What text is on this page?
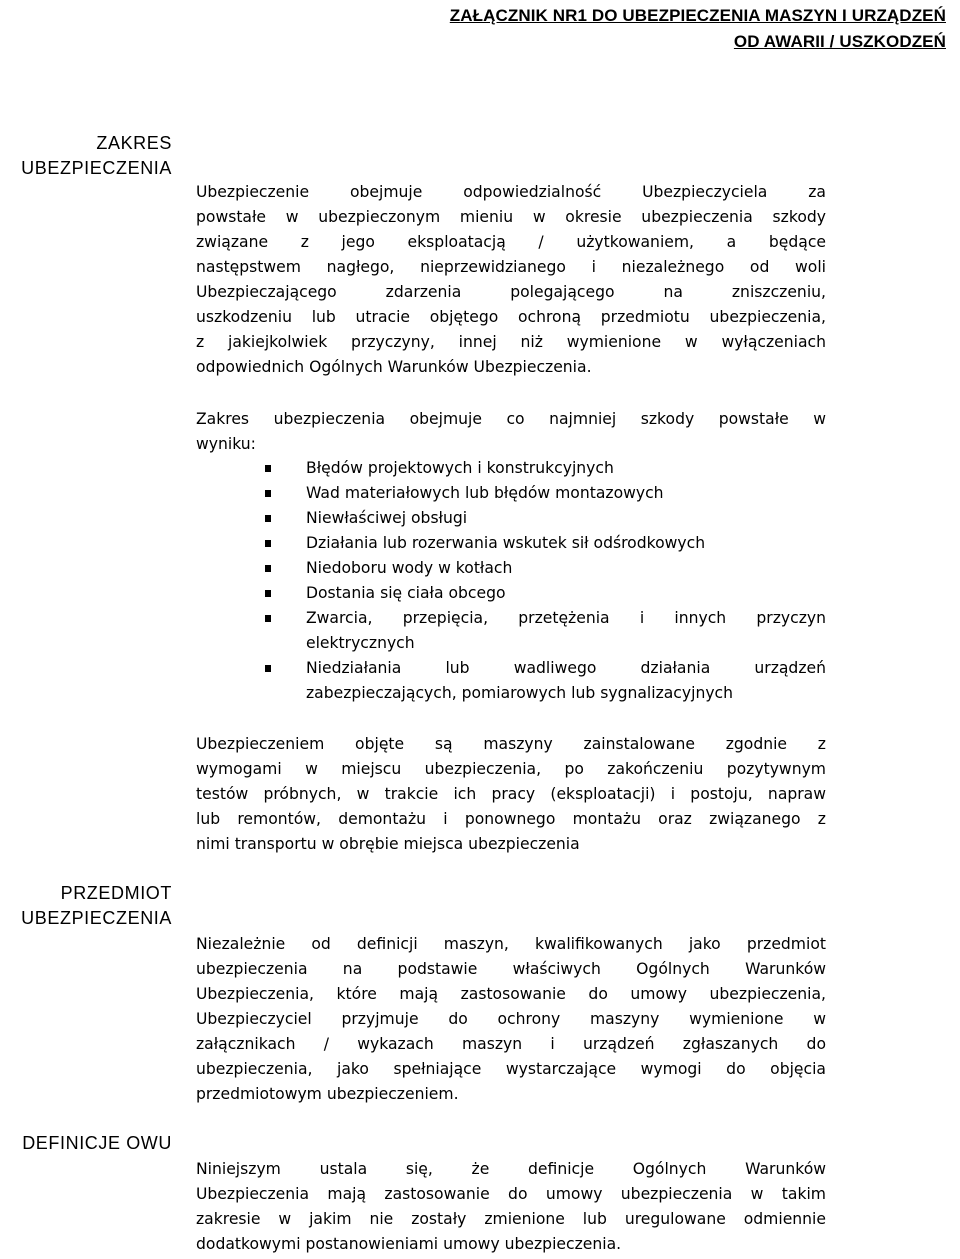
ZAŁĄCZNIK NR1 DO UBEZPIECZENIA MASZYN I URZĄDZEŃ
OD AWARII / USZKODZEŃ
ZAKRES
UBEZPIECZENIA
PRZEDMIOT
UBEZPIECZENIA
DEFINICJE OWU
Ubezpieczenie obejmuje odpowiedzialność Ubezpieczyciela za
powstałe w ubezpieczonym mieniu w okresie ubezpieczenia szkody
związane z jego eksploatacją / użytkowaniem, a będące
następstwem nagłego, nieprzewidzianego i niezależnego od woli
Ubezpieczającego zdarzenia polegającego na zniszczeniu,
uszkodzeniu lub utracie objętego ochroną przedmiotu ubezpieczenia,
z jakiejkolwiek przyczyny, innej niż wymienione w wyłączeniach
odpowiednich Ogólnych Warunków Ubezpieczenia.
Zakres ubezpieczenia obejmuje co najmniej szkody powstałe w
wyniku:
Błędów projektowych i konstrukcyjnych
Wad materiałowych lub błędów montazowych
Niewłaściwej obsługi
Działania lub rozerwania wskutek sił odśrodkowych
Niedoboru wody w kotłach
Dostania się ciała obcego
Zwarcia, przepięcia, przetężenia i innych przyczyn
elektrycznych
Niedziałania lub wadliwego działania urządzeń
zabezpieczających, pomiarowych lub sygnalizacyjnych
Ubezpieczeniem objęte są maszyny zainstalowane zgodnie z
wymogami w miejscu ubezpieczenia, po zakończeniu pozytywnym
testów próbnych, w trakcie ich pracy (eksploatacji) i postoju, napraw
lub remontów, demontażu i ponownego montażu oraz związanego z
nimi transportu w obrębie miejsca ubezpieczenia
Niezależnie od definicji maszyn, kwalifikowanych jako przedmiot
ubezpieczenia na podstawie właściwych Ogólnych Warunków
Ubezpieczenia, które mają zastosowanie do umowy ubezpieczenia,
Ubezpieczyciel przyjmuje do ochrony maszyny wymienione w
załącznikach / wykazach maszyn i urządzeń zgłaszanych do
ubezpieczenia, jako spełniające wystarczające wymogi do objęcia
przedmiotowym ubezpieczeniem.
Niniejszym ustala się, że definicje Ogólnych Warunków
Ubezpieczenia mają zastosowanie do umowy ubezpieczenia w takim
zakresie w jakim nie zostały zmienione lub uregulowane odmiennie
dodatkowymi postanowieniami umowy ubezpieczenia.
